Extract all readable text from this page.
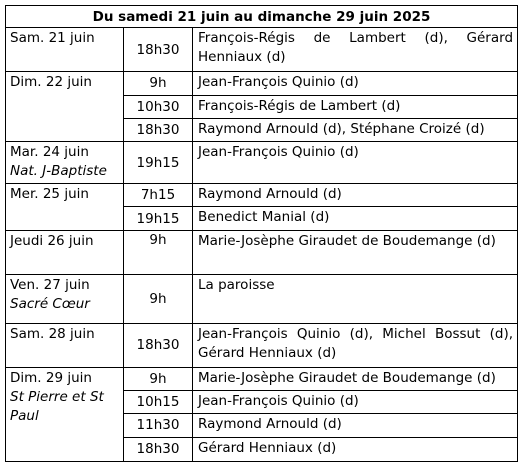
Du samedi 21 juin au dimanche 29 juin 2025		
Sam. 21 juin	18h30	François-Régis de Lambert (d), Gérard Henniaux (d)
Dim. 22 juin	9h	Jean-François Quinio (d)
	10h30	François-Régis de Lambert (d)
	18h30	Raymond Arnould (d), Stéphane Croizé (d)
Mar. 24 juin
Nat. J-Baptiste	19h15	Jean-François Quinio (d)
Mer. 25 juin	7h15	Raymond Arnould (d)
	19h15	Benedict Manial (d)
Jeudi 26 juin	9h	Marie-Josèphe Giraudet de Boudemange (d)
Ven. 27 juin
Sacré Cœur	9h	La paroisse
Sam. 28 juin	18h30	Jean-François Quinio (d), Michel Bossut (d), Gérard Henniaux (d)
Dim. 29 juin
St Pierre et St Paul	9h	Marie-Josèphe Giraudet de Boudemange (d)
	10h15	Jean-François Quinio (d)
	11h30	Raymond Arnould (d)
	18h30	Gérard Henniaux (d)
